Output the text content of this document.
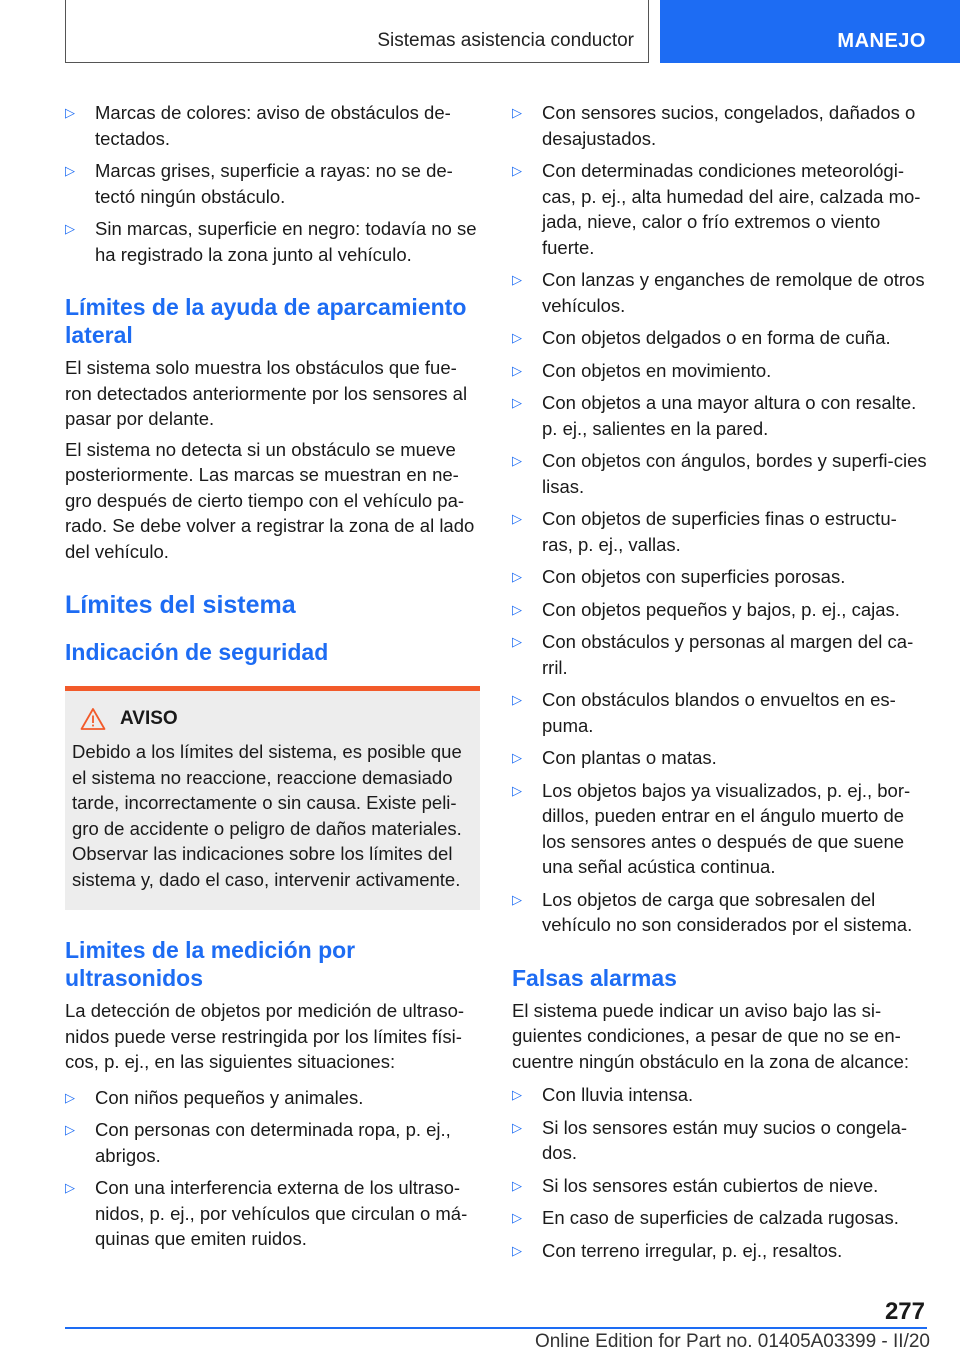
Sistemas asistencia conductor	MANEJO
▷ Marcas de colores: aviso de obstáculos de-tectados.
▷ Marcas grises, superficie a rayas: no se de-tectó ningún obstáculo.
▷ Sin marcas, superficie en negro: todavía no se ha registrado la zona junto al vehículo.
Límites de la ayuda de aparcamiento lateral

El sistema solo muestra los obstáculos que fue-ron detectados anteriormente por los sensores al pasar por delante.

El sistema no detecta si un obstáculo se mueve posteriormente. Las marcas se muestran en ne-gro después de cierto tiempo con el vehículo pa-rado. Se debe volver a registrar la zona de al lado del vehículo.

Límites del sistema
Indicación de seguridad
AVISO

Debido a los límites del sistema, es posible que el sistema no reaccione, reaccione demasiado tarde, incorrectamente o sin causa. Existe peli-gro de accidente o peligro de daños materiales. Observar las indicaciones sobre los límites del sistema y, dado el caso, intervenir activamente.

Limites de la medición por ultrasonidos

La detección de objetos por medición de ultraso-nidos puede verse restringida por los límites físi-cos, p. ej., en las siguientes situaciones:

▷ Con niños pequeños y animales.
▷ Con personas con determinada ropa, p. ej., abrigos.
▷ Con una interferencia externa de los ultraso-nidos, p. ej., por vehículos que circulan o má-quinas que emiten ruidos.
▷ Con sensores sucios, congelados, dañados o desajustados.
▷ Con determinadas condiciones meteorológi-cas, p. ej., alta humedad del aire, calzada mo-jada, nieve, calor o frío extremos o viento fuerte.
▷ Con lanzas y enganches de remolque de otros vehículos.
▷ Con objetos delgados o en forma de cuña.
▷ Con objetos en movimiento.
▷ Con objetos a una mayor altura o con resalte. p. ej., salientes en la pared.
▷ Con objetos con ángulos, bordes y superfi-cies lisas.
▷ Con objetos de superficies finas o estructu-ras, p. ej., vallas.
▷ Con objetos con superficies porosas.
▷ Con objetos pequeños y bajos, p. ej., cajas.
▷ Con obstáculos y personas al margen del ca-rril.
▷ Con obstáculos blandos o envueltos en es-puma.
▷ Con plantas o matas.
▷ Los objetos bajos ya visualizados, p. ej., bor-dillos, pueden entrar en el ángulo muerto de los sensores antes o después de que suene una señal acústica continua.
▷ Los objetos de carga que sobresalen del vehículo no son considerados por el sistema.
Falsas alarmas

El sistema puede indicar un aviso bajo las si-guientes condiciones, a pesar de que no se en-cuentre ningún obstáculo en la zona de alcance:

▷ Con lluvia intensa.
▷ Si los sensores están muy sucios o congela-dos.
▷ Si los sensores están cubiertos de nieve.
▷ En caso de superficies de calzada rugosas.
▷ Con terreno irregular, p. ej., resaltos.
277
Online Edition for Part no. 01405A03399 - II/20
